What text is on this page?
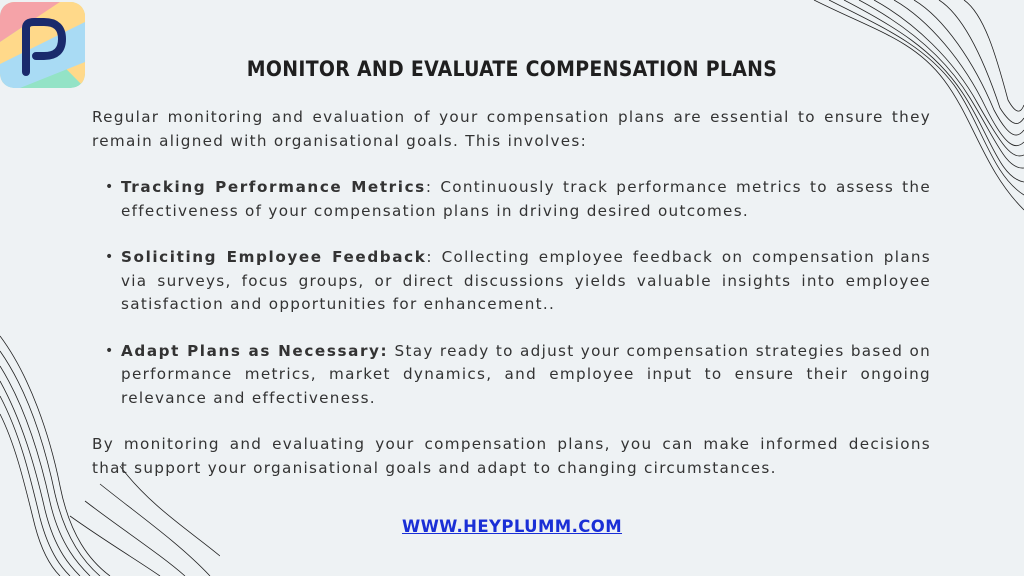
MONITOR AND EVALUATE COMPENSATION PLANS

Regular monitoring and evaluation of your compensation plans are essential to ensure they remain aligned with organisational goals. This involves:

• Tracking Performance Metrics: Continuously track performance metrics to assess the effectiveness of your compensation plans in driving desired outcomes.
• Soliciting Employee Feedback: Collecting employee feedback on compensation plans via surveys, focus groups, or direct discussions yields valuable insights into employee satisfaction and opportunities for enhancement..
• Adapt Plans as Necessary: Stay ready to adjust your compensation strategies based on performance metrics, market dynamics, and employee input to ensure their ongoing relevance and effectiveness.

By monitoring and evaluating your compensation plans, you can make informed decisions that support your organisational goals and adapt to changing circumstances.

WWW.HEYPLUMM.COM
